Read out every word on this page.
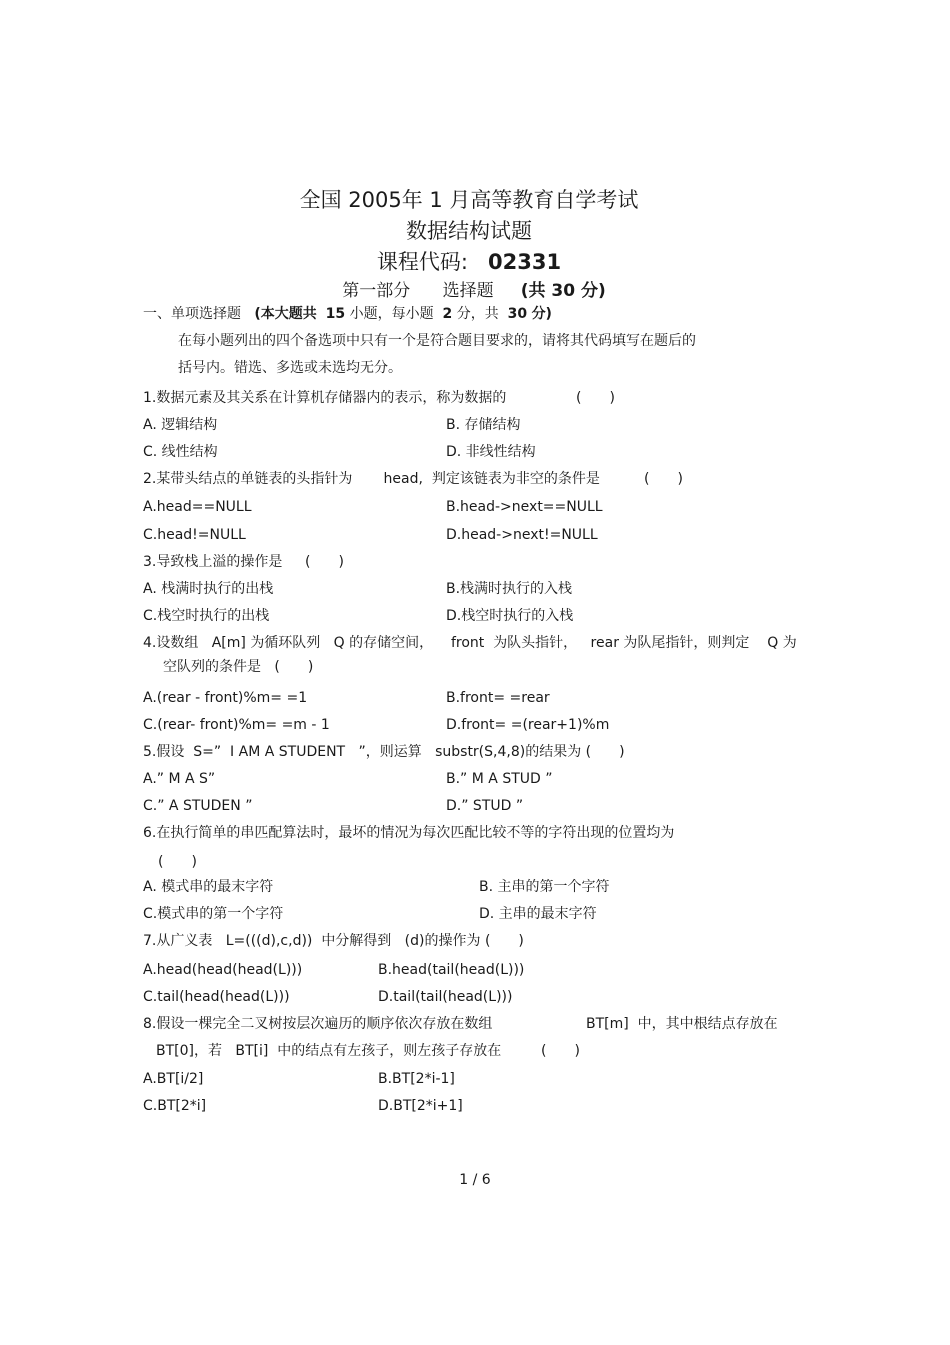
全国 2005年 1 月高等教育自学考试
数据结构试题
课程代码: 02331
第一部分 选择题 (共 30 分)
一、单项选择题 (本大题共 15 小题，每小题 2 分，共 30 分)
在每小题列出的四个备选项中只有一个是符合题目要求的，请将其代码填写在题后的
括号内。错选、多选或未选均无分。
1.数据元素及其关系在计算机存储器内的表示，称为数据的	(　　)
A. 逻辑结构	B. 存储结构
C. 线性结构	D. 非线性结构
2.某带头结点的单链表的头指针为 head, 判定该链表为非空的条件是	(　　)
A.head==NULL	B.head->next==NULL
C.head!=NULL	D.head->next!=NULL
3.导致栈上溢的操作是 (　　)
A. 栈满时执行的出栈	B.栈满时执行的入栈
C.栈空时执行的出栈	D.栈空时执行的入栈
4.设数组 A[m] 为循环队列 Q 的存储空间， front 为队头指针， rear 为队尾指针，则判定 Q 为
空队列的条件是 (　　)
A.(rear - front)%m= =1	B.front= =rear
C.(rear- front)%m= =m - 1	D.front= =(rear+1)%m
5.假设 S=” I AM A STUDENT ”，则运算 substr(S,4,8)的结果为 (　　)
A.” M A S”	B.” M A STUD ”
C.” A STUDEN ”	D.” STUD ”
6.在执行简单的串匹配算法时，最坏的情况为每次匹配比较不等的字符出现的位置均为
(　　)
A. 模式串的最末字符	B. 主串的第一个字符
C.模式串的第一个字符	D. 主串的最末字符
7.从广义表 L=(((d),c,d)) 中分解得到 (d)的操作为 (　　)
A.head(head(head(L)))	B.head(tail(head(L)))
C.tail(head(head(L)))	D.tail(tail(head(L)))
8.假设一棵完全二叉树按层次遍历的顺序依次存放在数组	BT[m] 中，其中根结点存放在
BT[0]，若 BT[i] 中的结点有左孩子，则左孩子存放在	(　　)
A.BT[i/2]	B.BT[2*i-1]
C.BT[2*i]	D.BT[2*i+1]
1 / 6
